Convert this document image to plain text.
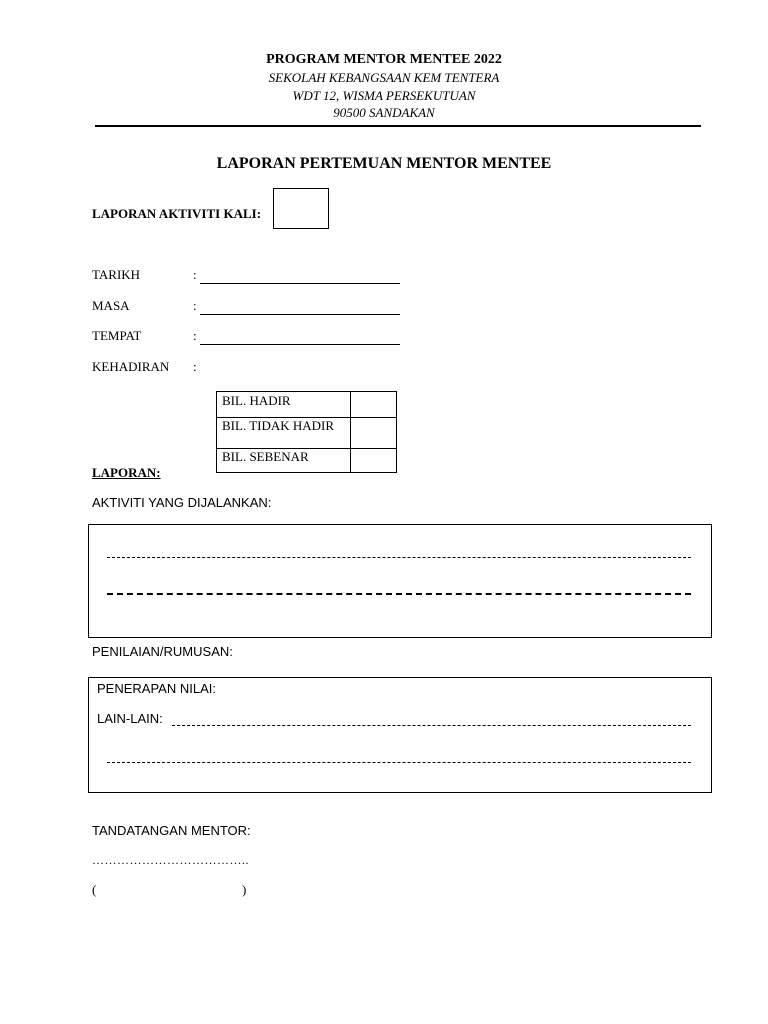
PROGRAM MENTOR MENTEE 2022
SEKOLAH KEBANGSAAN KEM TENTERA
WDT 12, WISMA PERSEKUTUAN
90500 SANDAKAN
LAPORAN PERTEMUAN MENTOR MENTEE
LAPORAN AKTIVITI KALI:
TARIKH	:
MASA	:
TEMPAT	:
KEHADIRAN :
BIL. HADIR	
BIL. TIDAK HADIR	
BIL. SEBENAR	
LAPORAN:
AKTIVITI YANG DIJALANKAN:
PENILAIAN/RUMUSAN:
PENERAPAN NILAI:
LAIN-LAIN:
TANDATANGAN MENTOR:
………………………………..
(	)
